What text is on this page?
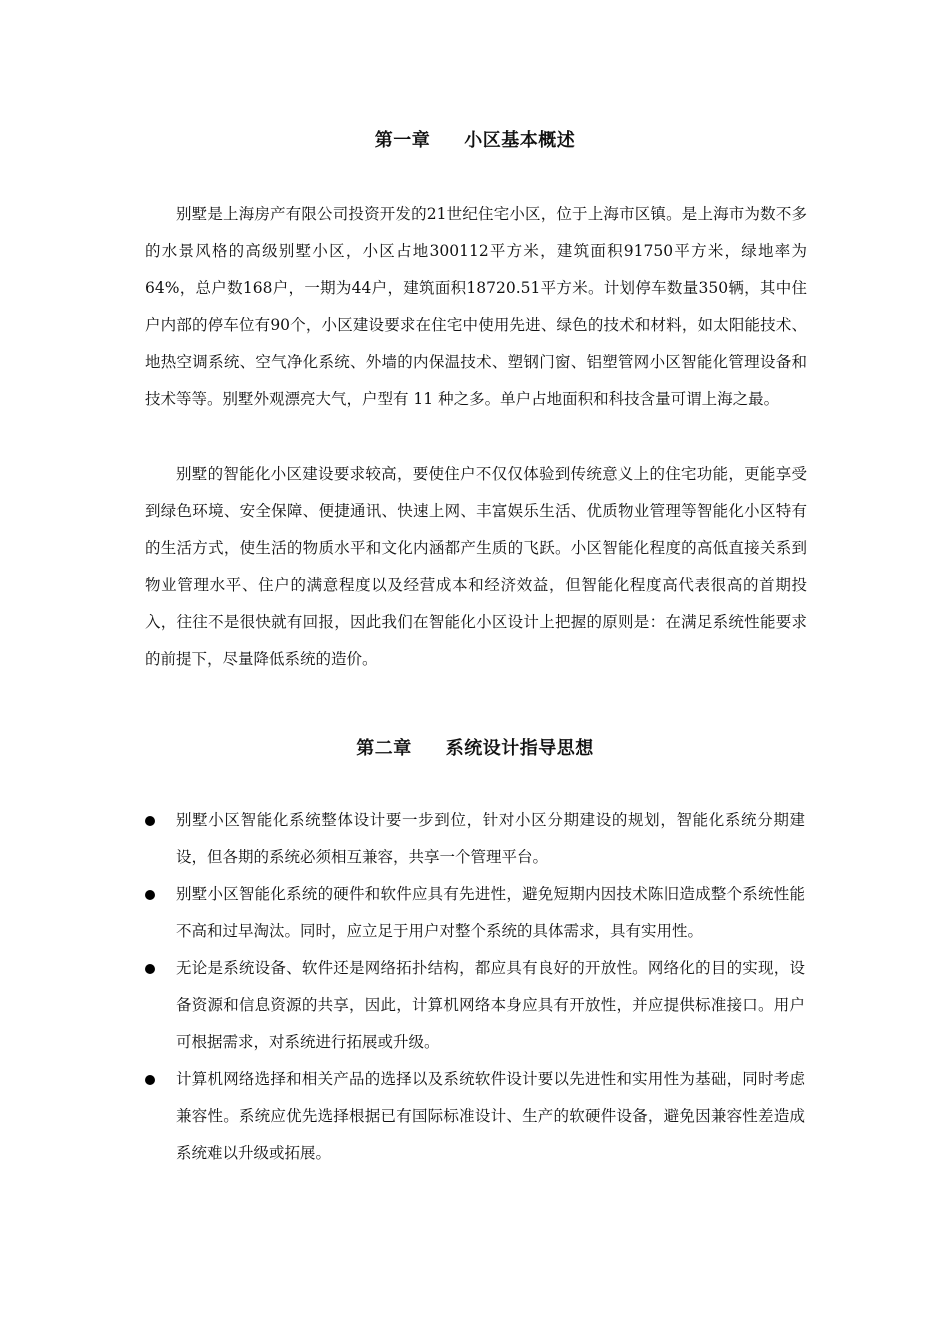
第一章 小区基本概述

别墅是上海房产有限公司投资开发的21世纪住宅小区，位于上海市区镇。是上海市为数不多的水景风格的高级别墅小区，小区占地300112平方米，建筑面积91750平方米，绿地率为64%，总户数168户，一期为44户，建筑面积18720.51平方米。计划停车数量350辆，其中住户内部的停车位有90个，小区建设要求在住宅中使用先进、绿色的技术和材料，如太阳能技术、地热空调系统、空气净化系统、外墙的内保温技术、塑钢门窗、铝塑管网小区智能化管理设备和技术等等。别墅外观漂亮大气，户型有 11 种之多。单户占地面积和科技含量可谓上海之最。

别墅的智能化小区建设要求较高，要使住户不仅仅体验到传统意义上的住宅功能，更能享受到绿色环境、安全保障、便捷通讯、快速上网、丰富娱乐生活、优质物业管理等智能化小区特有的生活方式，使生活的物质水平和文化内涵都产生质的飞跃。小区智能化程度的高低直接关系到物业管理水平、住户的满意程度以及经营成本和经济效益，但智能化程度高代表很高的首期投入，往往不是很快就有回报，因此我们在智能化小区设计上把握的原则是：在满足系统性能要求的前提下，尽量降低系统的造价。

第二章 系统设计指导思想
别墅小区智能化系统整体设计要一步到位，针对小区分期建设的规划，智能化系统分期建设，但各期的系统必须相互兼容，共享一个管理平台。
别墅小区智能化系统的硬件和软件应具有先进性，避免短期内因技术陈旧造成整个系统性能不高和过早淘汰。同时，应立足于用户对整个系统的具体需求，具有实用性。
无论是系统设备、软件还是网络拓扑结构，都应具有良好的开放性。网络化的目的实现，设备资源和信息资源的共享，因此，计算机网络本身应具有开放性，并应提供标准接口。用户可根据需求，对系统进行拓展或升级。
计算机网络选择和相关产品的选择以及系统软件设计要以先进性和实用性为基础，同时考虑兼容性。系统应优先选择根据已有国际标准设计、生产的软硬件设备，避免因兼容性差造成系统难以升级或拓展。
